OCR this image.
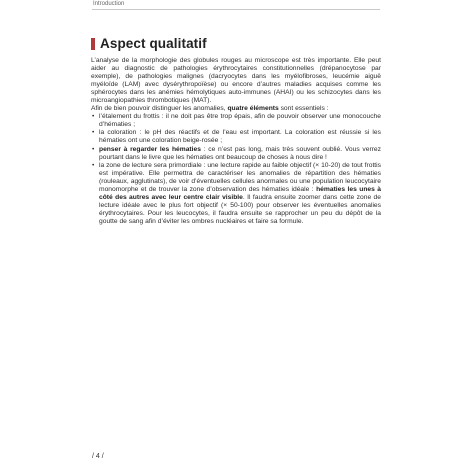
Introduction
Aspect qualitatif

L’analyse de la morphologie des globules rouges au microscope est très importante. Elle peut aider au diagnostic de pathologies érythrocytaires constitutionnelles (drépanocytose par exemple), de pathologies malignes (dacryocytes dans les myélofibroses, leucémie aiguë myéloïde (LAM) avec dysérythropoïèse) ou encore d’autres maladies acquises comme les sphérocytes dans les anémies hémolytiques auto-immunes (AHAI) ou les schizocytes dans les microangiopathies thrombotiques (MAT).

Afin de bien pouvoir distinguer les anomalies, quatre éléments sont essentiels :

• l’étalement du frottis : il ne doit pas être trop épais, afin de pouvoir observer une monocouche d’hématies ;
• la coloration : le pH des réactifs et de l’eau est important. La coloration est réussie si les hématies ont une coloration beige-rosée ;
• penser à regarder les hématies : ce n’est pas long, mais très souvent oublié. Vous verrez pourtant dans le livre que les hématies ont beaucoup de choses à nous dire !
• la zone de lecture sera primordiale : une lecture rapide au faible objectif (× 10-20) de tout frottis est impérative. Elle permettra de caractériser les anomalies de répartition des hématies (rouleaux, agglutinats), de voir d’éventuelles cellules anormales ou une population leucocytaire monomorphe et de trouver la zone d’observation des hématies idéale : hématies les unes à côté des autres avec leur centre clair visible. Il faudra ensuite zoomer dans cette zone de lecture idéale avec le plus fort objectif (× 50-100) pour observer les éventuelles anomalies érythrocytaires. Pour les leucocytes, il faudra ensuite se rapprocher un peu du dépôt de la goutte de sang afin d’éviter les ombres nucléaires et faire sa formule.
/ 4 /
